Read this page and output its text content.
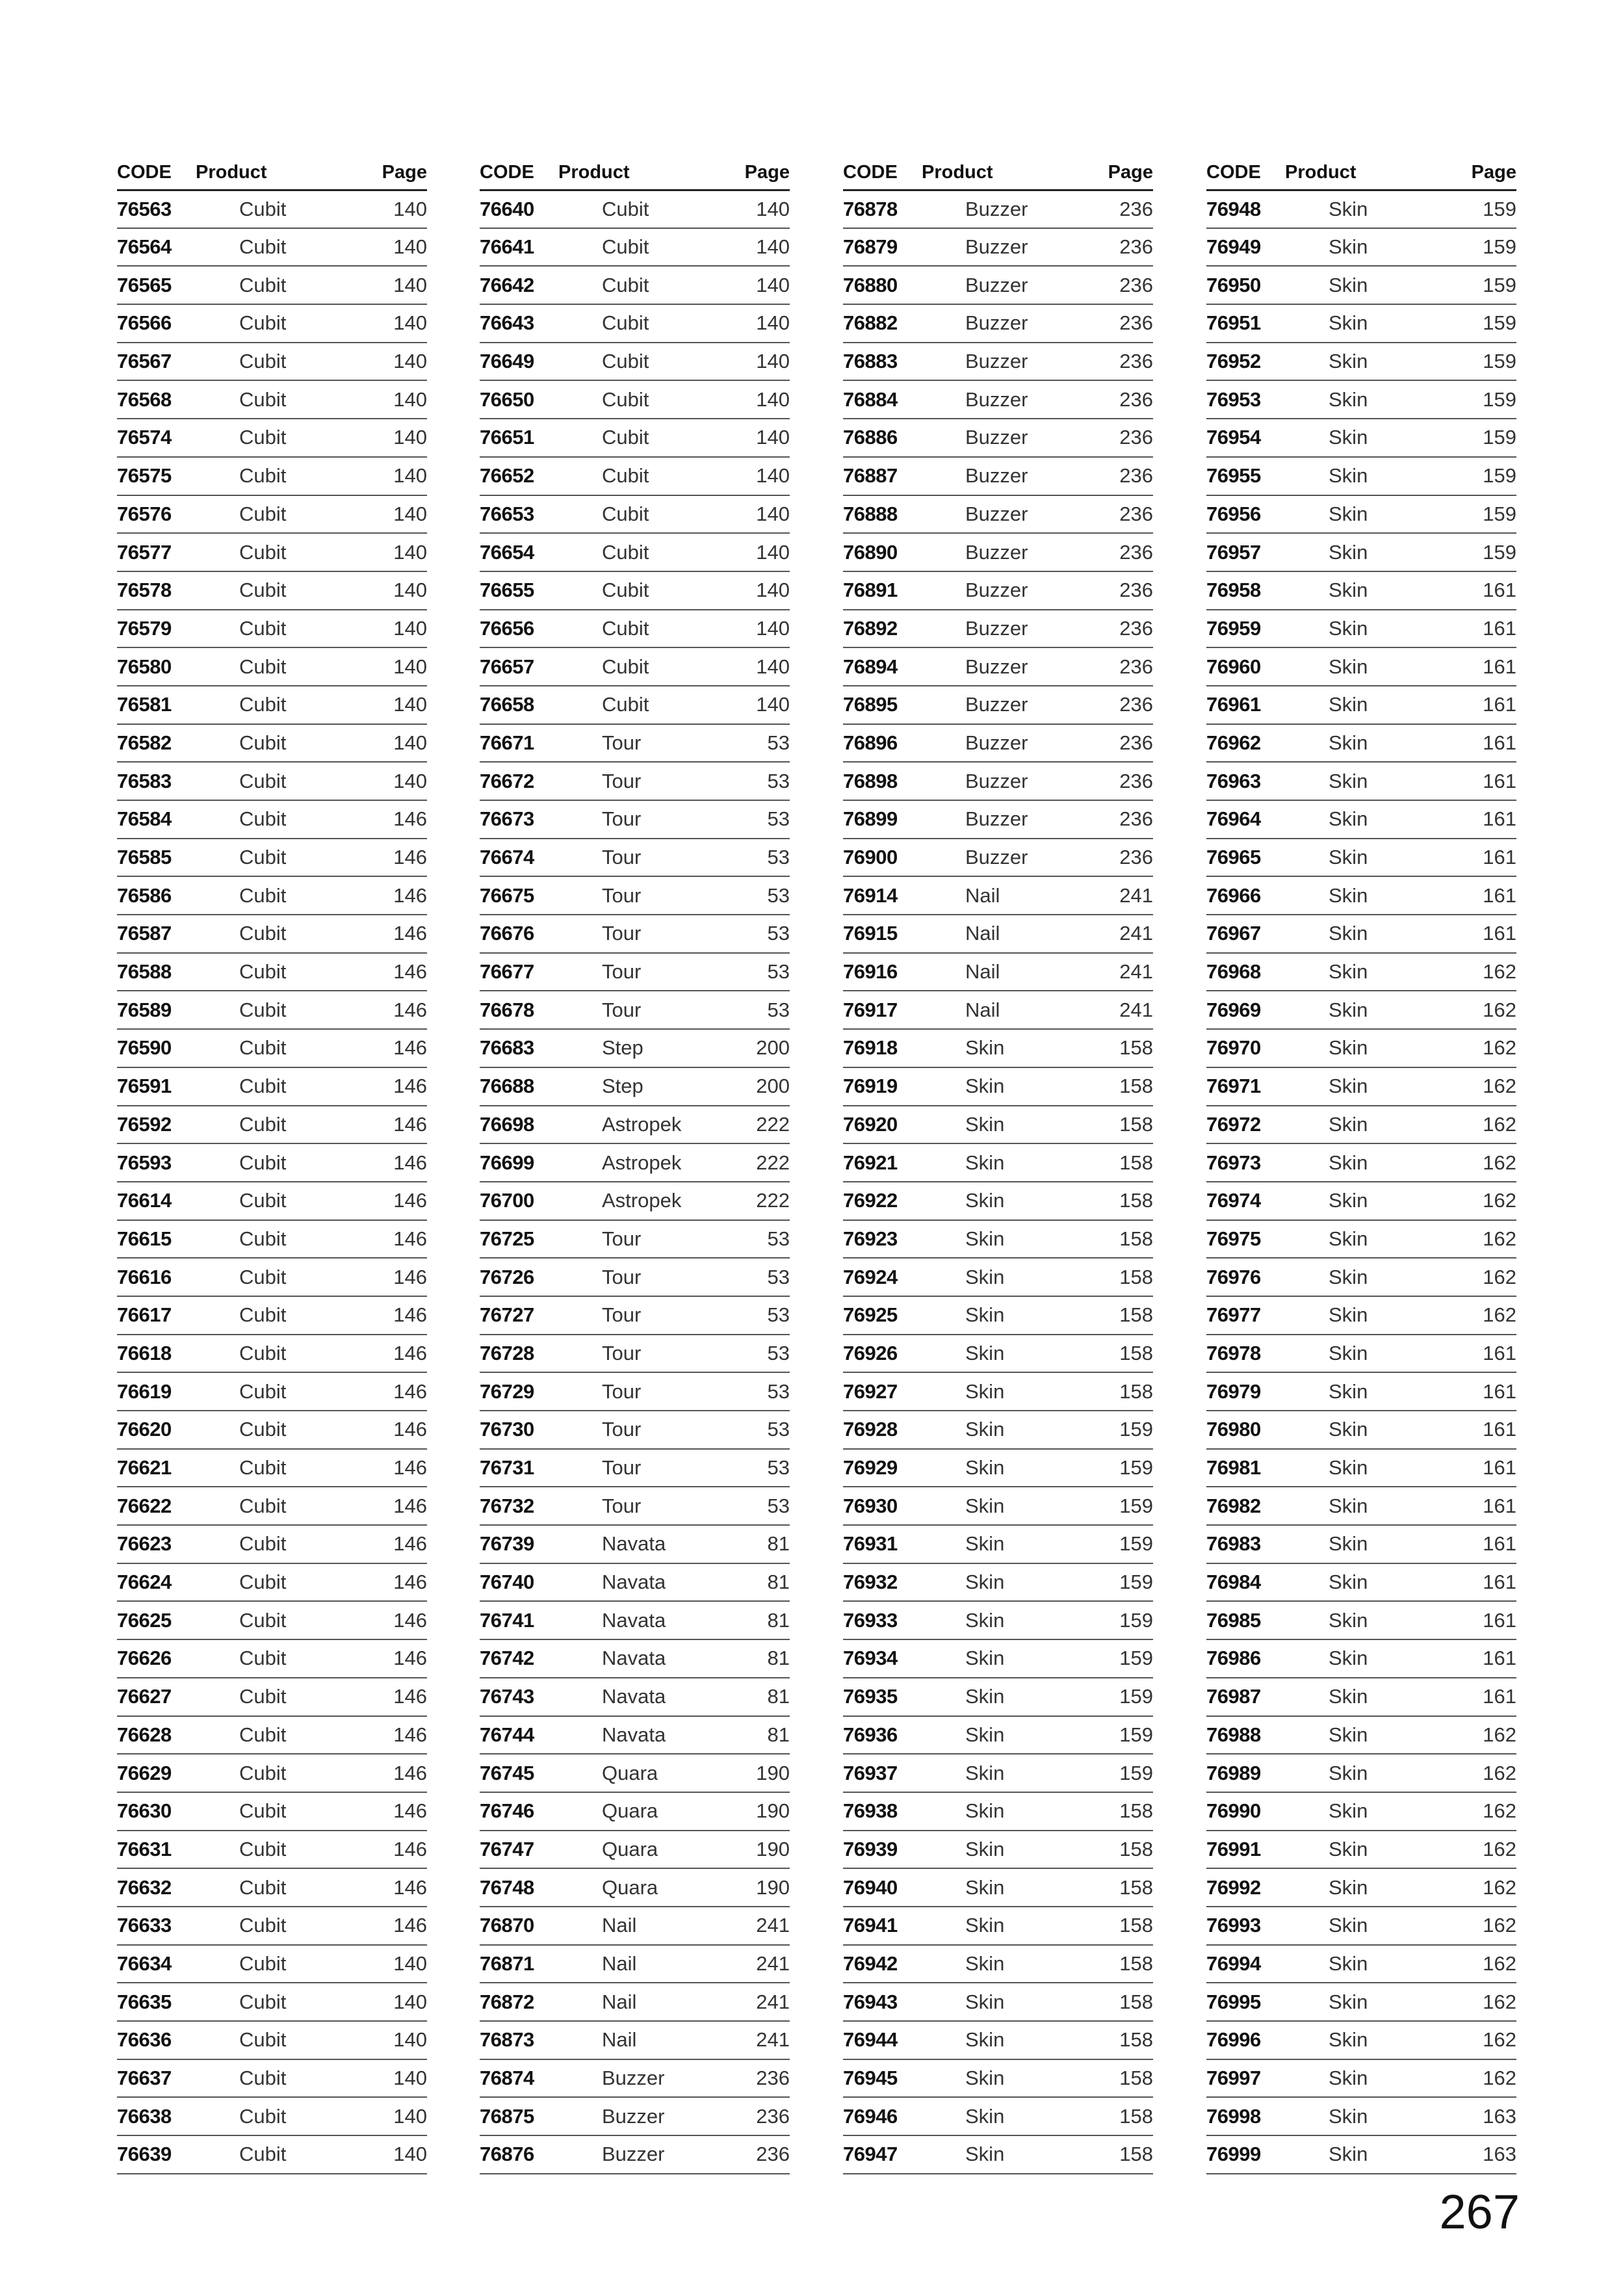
CODE	Product	Page
76563	Cubit	140
76564	Cubit	140
76565	Cubit	140
76566	Cubit	140
76567	Cubit	140
76568	Cubit	140
76574	Cubit	140
76575	Cubit	140
76576	Cubit	140
76577	Cubit	140
76578	Cubit	140
76579	Cubit	140
76580	Cubit	140
76581	Cubit	140
76582	Cubit	140
76583	Cubit	140
76584	Cubit	146
76585	Cubit	146
76586	Cubit	146
76587	Cubit	146
76588	Cubit	146
76589	Cubit	146
76590	Cubit	146
76591	Cubit	146
76592	Cubit	146
76593	Cubit	146
76614	Cubit	146
76615	Cubit	146
76616	Cubit	146
76617	Cubit	146
76618	Cubit	146
76619	Cubit	146
76620	Cubit	146
76621	Cubit	146
76622	Cubit	146
76623	Cubit	146
76624	Cubit	146
76625	Cubit	146
76626	Cubit	146
76627	Cubit	146
76628	Cubit	146
76629	Cubit	146
76630	Cubit	146
76631	Cubit	146
76632	Cubit	146
76633	Cubit	146
76634	Cubit	140
76635	Cubit	140
76636	Cubit	140
76637	Cubit	140
76638	Cubit	140
76639	Cubit	140
CODE	Product	Page
76640	Cubit	140
76641	Cubit	140
76642	Cubit	140
76643	Cubit	140
76649	Cubit	140
76650	Cubit	140
76651	Cubit	140
76652	Cubit	140
76653	Cubit	140
76654	Cubit	140
76655	Cubit	140
76656	Cubit	140
76657	Cubit	140
76658	Cubit	140
76671	Tour	53
76672	Tour	53
76673	Tour	53
76674	Tour	53
76675	Tour	53
76676	Tour	53
76677	Tour	53
76678	Tour	53
76683	Step	200
76688	Step	200
76698	Astropek	222
76699	Astropek	222
76700	Astropek	222
76725	Tour	53
76726	Tour	53
76727	Tour	53
76728	Tour	53
76729	Tour	53
76730	Tour	53
76731	Tour	53
76732	Tour	53
76739	Navata	81
76740	Navata	81
76741	Navata	81
76742	Navata	81
76743	Navata	81
76744	Navata	81
76745	Quara	190
76746	Quara	190
76747	Quara	190
76748	Quara	190
76870	Nail	241
76871	Nail	241
76872	Nail	241
76873	Nail	241
76874	Buzzer	236
76875	Buzzer	236
76876	Buzzer	236
CODE	Product	Page
76878	Buzzer	236
76879	Buzzer	236
76880	Buzzer	236
76882	Buzzer	236
76883	Buzzer	236
76884	Buzzer	236
76886	Buzzer	236
76887	Buzzer	236
76888	Buzzer	236
76890	Buzzer	236
76891	Buzzer	236
76892	Buzzer	236
76894	Buzzer	236
76895	Buzzer	236
76896	Buzzer	236
76898	Buzzer	236
76899	Buzzer	236
76900	Buzzer	236
76914	Nail	241
76915	Nail	241
76916	Nail	241
76917	Nail	241
76918	Skin	158
76919	Skin	158
76920	Skin	158
76921	Skin	158
76922	Skin	158
76923	Skin	158
76924	Skin	158
76925	Skin	158
76926	Skin	158
76927	Skin	158
76928	Skin	159
76929	Skin	159
76930	Skin	159
76931	Skin	159
76932	Skin	159
76933	Skin	159
76934	Skin	159
76935	Skin	159
76936	Skin	159
76937	Skin	159
76938	Skin	158
76939	Skin	158
76940	Skin	158
76941	Skin	158
76942	Skin	158
76943	Skin	158
76944	Skin	158
76945	Skin	158
76946	Skin	158
76947	Skin	158
CODE	Product	Page
76948	Skin	159
76949	Skin	159
76950	Skin	159
76951	Skin	159
76952	Skin	159
76953	Skin	159
76954	Skin	159
76955	Skin	159
76956	Skin	159
76957	Skin	159
76958	Skin	161
76959	Skin	161
76960	Skin	161
76961	Skin	161
76962	Skin	161
76963	Skin	161
76964	Skin	161
76965	Skin	161
76966	Skin	161
76967	Skin	161
76968	Skin	162
76969	Skin	162
76970	Skin	162
76971	Skin	162
76972	Skin	162
76973	Skin	162
76974	Skin	162
76975	Skin	162
76976	Skin	162
76977	Skin	162
76978	Skin	161
76979	Skin	161
76980	Skin	161
76981	Skin	161
76982	Skin	161
76983	Skin	161
76984	Skin	161
76985	Skin	161
76986	Skin	161
76987	Skin	161
76988	Skin	162
76989	Skin	162
76990	Skin	162
76991	Skin	162
76992	Skin	162
76993	Skin	162
76994	Skin	162
76995	Skin	162
76996	Skin	162
76997	Skin	162
76998	Skin	163
76999	Skin	163
267
